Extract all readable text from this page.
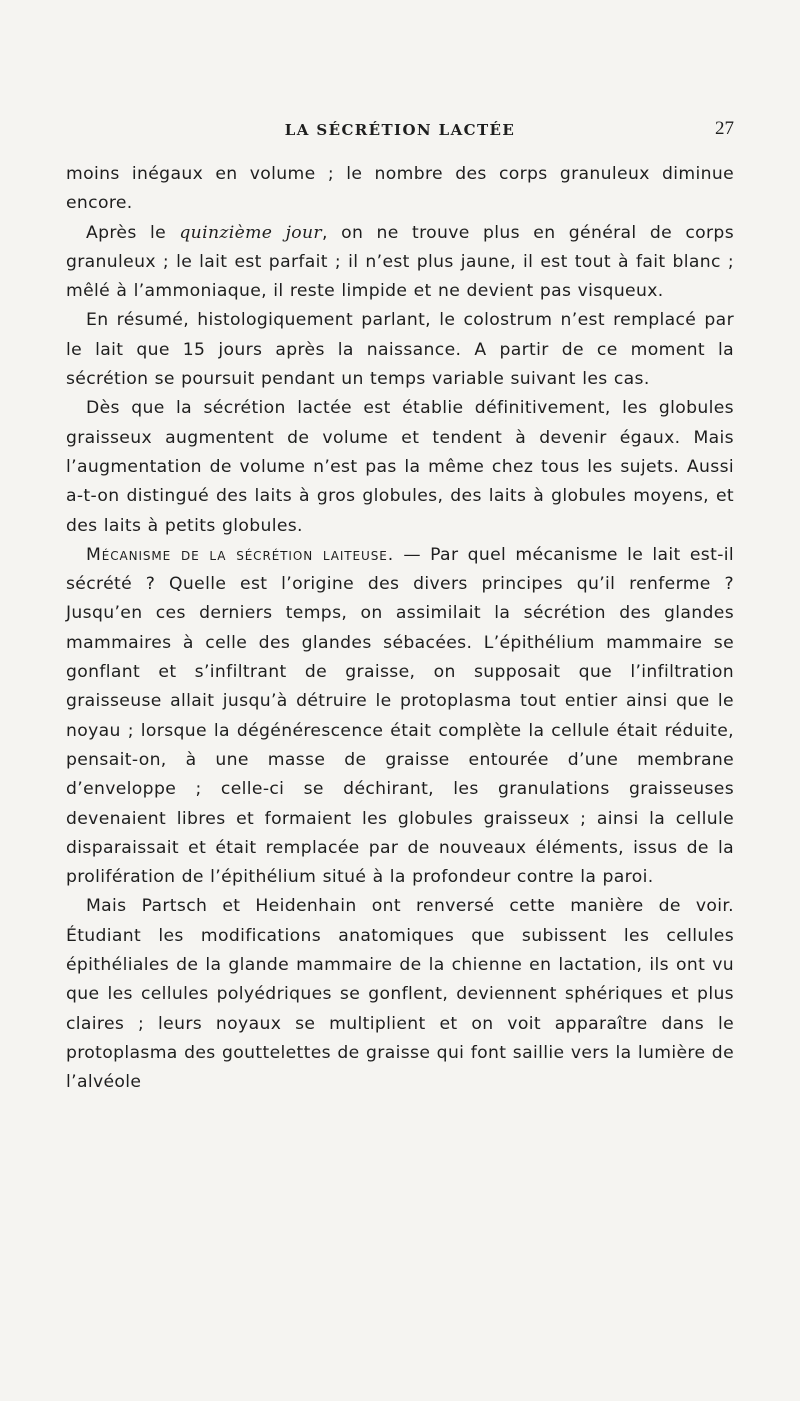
LA SÉCRÉTION LACTÉE	27

moins inégaux en volume ; le nombre des corps granuleux diminue encore.

Après le quinzième jour, on ne trouve plus en général de corps granuleux ; le lait est parfait ; il n’est plus jaune, il est tout à fait blanc ; mêlé à l’ammoniaque, il reste limpide et ne devient pas visqueux.

En résumé, histologiquement parlant, le colostrum n’est remplacé par le lait que 15 jours après la naissance. A partir de ce moment la sécrétion se poursuit pendant un temps variable suivant les cas.

Dès que la sécrétion lactée est établie définitivement, les globules graisseux augmentent de volume et tendent à devenir égaux. Mais l’augmentation de volume n’est pas la même chez tous les sujets. Aussi a-t-on distingué des laits à gros globules, des laits à globules moyens, et des laits à petits globules.

Mécanisme de la sécrétion laiteuse. — Par quel mécanisme le lait est-il sécrété ? Quelle est l’origine des divers principes qu’il renferme ? Jusqu’en ces derniers temps, on assimilait la sécrétion des glandes mammaires à celle des glandes sébacées. L’épithélium mammaire se gonflant et s’infiltrant de graisse, on supposait que l’infiltration graisseuse allait jusqu’à détruire le protoplasma tout entier ainsi que le noyau ; lorsque la dégénérescence était complète la cellule était réduite, pensait-on, à une masse de graisse entourée d’une membrane d’enveloppe ; celle-ci se déchirant, les granulations graisseuses devenaient libres et formaient les globules graisseux ; ainsi la cellule disparaissait et était remplacée par de nouveaux éléments, issus de la prolifération de l’épithélium situé à la profondeur contre la paroi.

Mais Partsch et Heidenhain ont renversé cette manière de voir. Étudiant les modifications anatomiques que subissent les cellules épithéliales de la glande mammaire de la chienne en lactation, ils ont vu que les cellules polyédriques se gonflent, deviennent sphériques et plus claires ; leurs noyaux se multiplient et on voit apparaître dans le protoplasma des gouttelettes de graisse qui font saillie vers la lumière de l’alvéole
